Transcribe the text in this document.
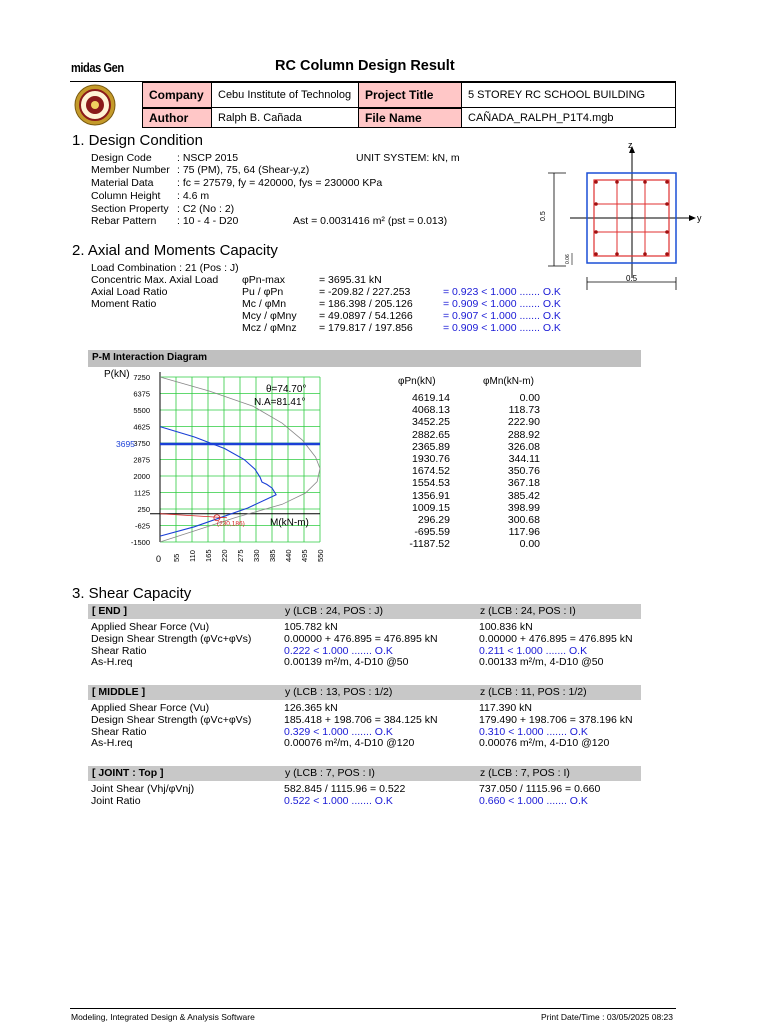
midas Gen	RC Column Design Result
Company	Cebu Institute of Technolog	Project Title	5 STOREY RC SCHOOL BUILDING
Author	Ralph B. Cañada	File Name	CAÑADA_RALPH_P1T4.mgb
1. Design Condition
Design Code : NSCP 2015	UNIT SYSTEM: kN, m
Member Number : 75 (PM), 75, 64 (Shear-y,z)
Material Data : fc = 27579, fy = 420000, fys = 230000 KPa
Column Height : 4.6 m
Section Property : C2 (No : 2)
Rebar Pattern : 10 - 4 - D20	Ast = 0.0031416 m² (pst = 0.013)
z
y
0.5
0.06
0.5
2. Axial and Moments Capacity
Load Combination : 21 (Pos : J)
Concentric Max. Axial Load φPn-max	= 3695.31 kN
Axial Load Ratio	Pu / φPn	= -209.82 / 227.253	= 0.923 < 1.000 ....... O.K
Moment Ratio	Mc / φMn	= 186.398 / 205.126	= 0.909 < 1.000 ....... O.K
Mcy / φMny = 49.0897 / 54.1266	= 0.907 < 1.000 ....... O.K
Mcz / φMnz = 179.817 / 197.856	= 0.909 < 1.000 ....... O.K
P-M Interaction Diagram
7250
6375
5500
4625
3750
2875
2000
1125
250
-625
-1500
0 55 110 165 220 275 330 385 440 495 550
3695
(230,186)
P(kN)
M(kN-m)
θ=74.70°
N.A=81.41°
φPn(kN)	φMn(kN-m)
4619.14	0.00
4068.13	118.73
3452.25	222.90
2882.65	288.92
2365.89	326.08
1930.76	344.11
1674.52	350.76
1554.53	367.18
1356.91	385.42
1009.15	398.99
296.29	300.68
-695.59	117.96
-1187.52	0.00
3. Shear Capacity
[ END ]	y (LCB : 24, POS : J)	z (LCB : 24, POS : I)
Applied Shear Force (Vu)	105.782 kN	100.836 kN
Design Shear Strength (φVc+φVs)	0.00000 + 476.895 = 476.895 kN	0.00000 + 476.895 = 476.895 kN
Shear Ratio	0.222 < 1.000 ....... O.K	0.211 < 1.000 ....... O.K
As-H.req	0.00139 m²/m, 4-D10 @50	0.00133 m²/m, 4-D10 @50
[ MIDDLE ]	y (LCB : 13, POS : 1/2)	z (LCB : 11, POS : 1/2)
Applied Shear Force (Vu)	126.365 kN	117.390 kN
Design Shear Strength (φVc+φVs)	185.418 + 198.706 = 384.125 kN	179.490 + 198.706 = 378.196 kN
Shear Ratio	0.329 < 1.000 ....... O.K	0.310 < 1.000 ....... O.K
As-H.req	0.00076 m²/m, 4-D10 @120	0.00076 m²/m, 4-D10 @120
[ JOINT : Top ]	y (LCB : 7, POS : I)	z (LCB : 7, POS : I)
Joint Shear (Vhj/φVnj)	582.845 / 1115.96 = 0.522	737.050 / 1115.96 = 0.660
Joint Ratio	0.522 < 1.000 ....... O.K	0.660 < 1.000 ....... O.K
Modeling, Integrated Design & Analysis Software	Print Date/Time : 03/05/2025 08:23
